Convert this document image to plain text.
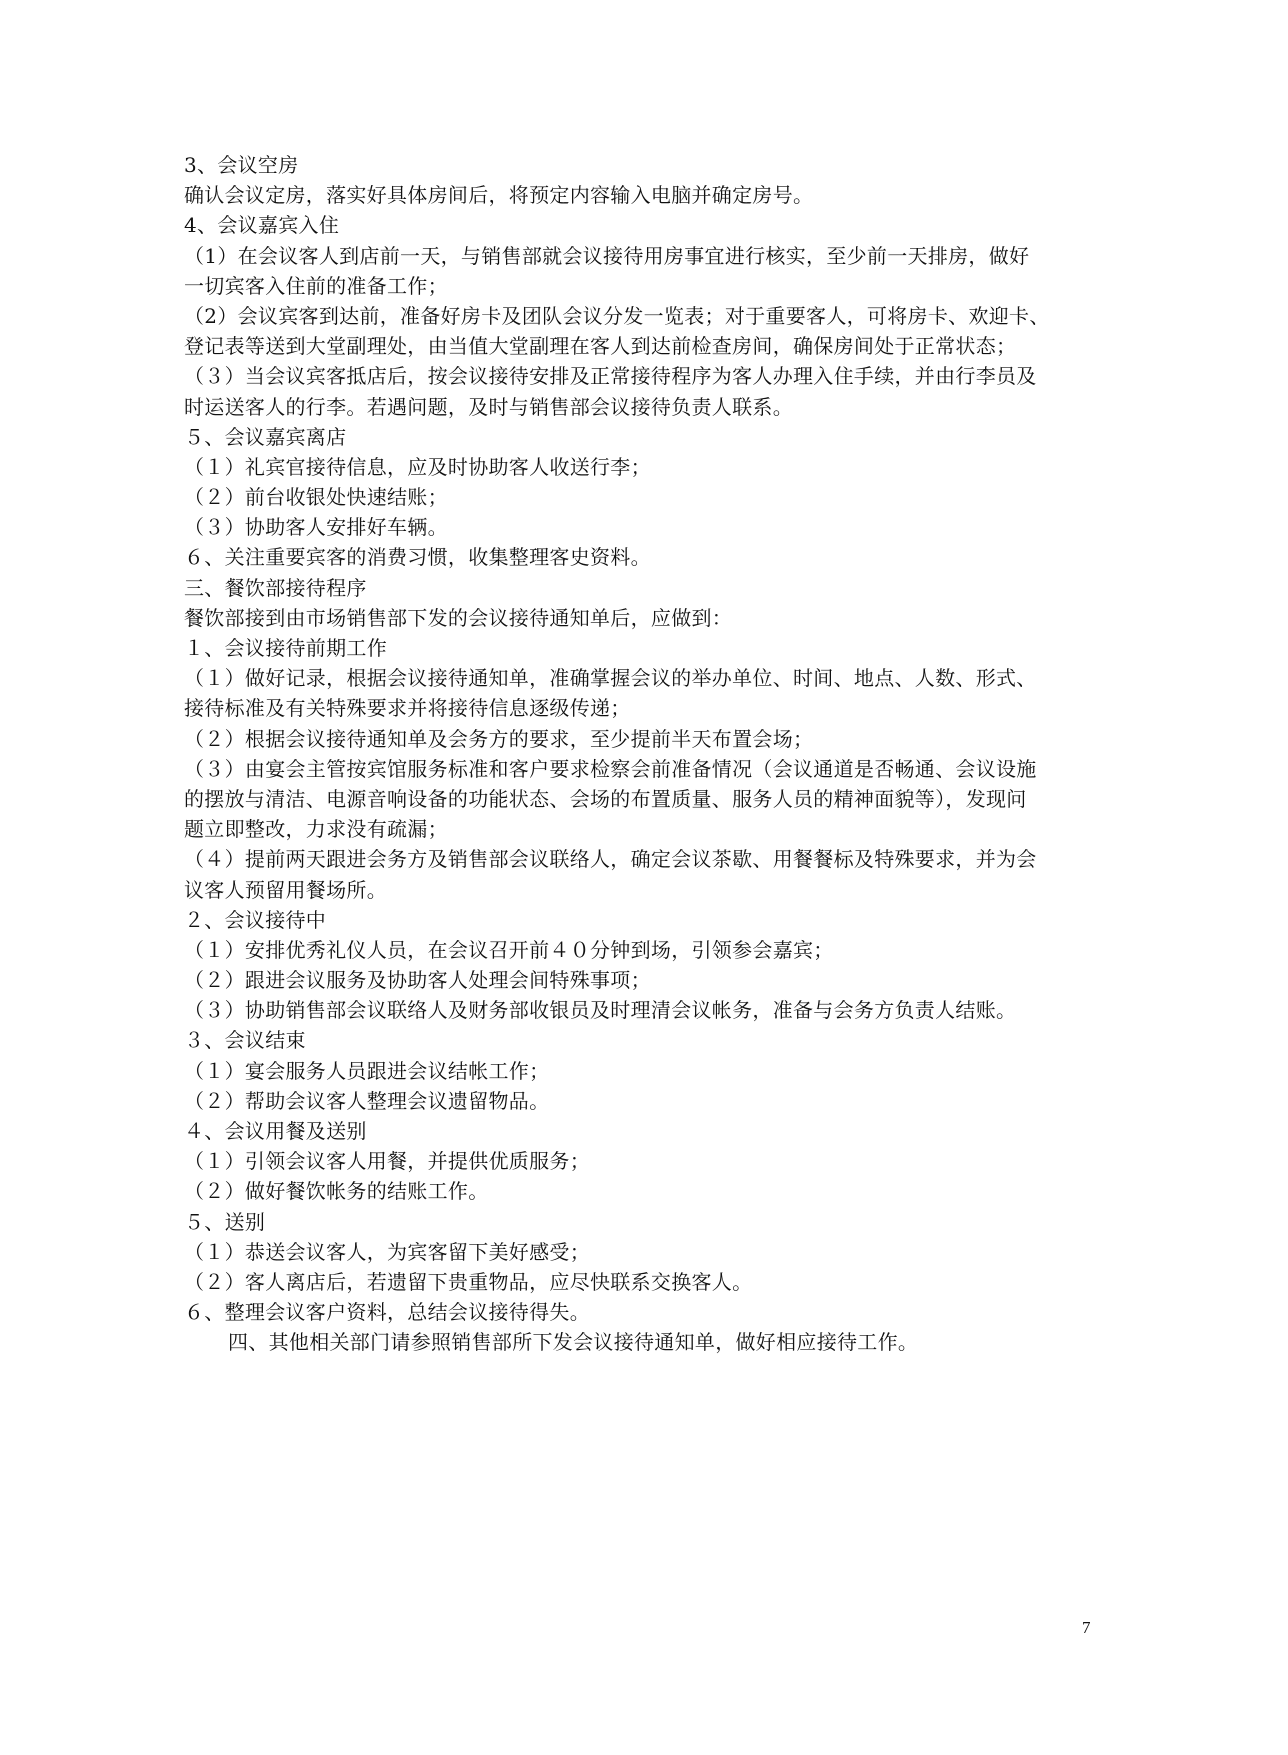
3、会议空房
确认会议定房，落实好具体房间后，将预定内容输入电脑并确定房号。
4、会议嘉宾入住
（1）在会议客人到店前一天，与销售部就会议接待用房事宜进行核实，至少前一天排房，做好
一切宾客入住前的准备工作；
（2）会议宾客到达前，准备好房卡及团队会议分发一览表；对于重要客人，可将房卡、欢迎卡、
登记表等送到大堂副理处，由当值大堂副理在客人到达前检查房间，确保房间处于正常状态；
（３）当会议宾客抵店后，按会议接待安排及正常接待程序为客人办理入住手续，并由行李员及
时运送客人的行李。若遇问题，及时与销售部会议接待负责人联系。
５、会议嘉宾离店
（１）礼宾官接待信息，应及时协助客人收送行李；
（２）前台收银处快速结账；
（３）协助客人安排好车辆。
６、关注重要宾客的消费习惯，收集整理客史资料。
三、餐饮部接待程序
餐饮部接到由市场销售部下发的会议接待通知单后，应做到：
１、会议接待前期工作
（１）做好记录，根据会议接待通知单，准确掌握会议的举办单位、时间、地点、人数、形式、
接待标准及有关特殊要求并将接待信息逐级传递；
（２）根据会议接待通知单及会务方的要求，至少提前半天布置会场；
（３）由宴会主管按宾馆服务标准和客户要求检察会前准备情况（会议通道是否畅通、会议设施
的摆放与清洁、电源音响设备的功能状态、会场的布置质量、服务人员的精神面貌等），发现问
题立即整改，力求没有疏漏；
（４）提前两天跟进会务方及销售部会议联络人，确定会议茶歇、用餐餐标及特殊要求，并为会
议客人预留用餐场所。
２、会议接待中
（１）安排优秀礼仪人员，在会议召开前４０分钟到场，引领参会嘉宾；
（２）跟进会议服务及协助客人处理会间特殊事项；
（３）协助销售部会议联络人及财务部收银员及时理清会议帐务，准备与会务方负责人结账。
３、会议结束
（１）宴会服务人员跟进会议结帐工作；
（２）帮助会议客人整理会议遗留物品。
４、会议用餐及送别
（１）引领会议客人用餐，并提供优质服务；
（２）做好餐饮帐务的结账工作。
５、送别
（１）恭送会议客人，为宾客留下美好感受；
（２）客人离店后，若遗留下贵重物品，应尽快联系交换客人。
６、整理会议客户资料，总结会议接待得失。
四、其他相关部门请参照销售部所下发会议接待通知单，做好相应接待工作。
7
